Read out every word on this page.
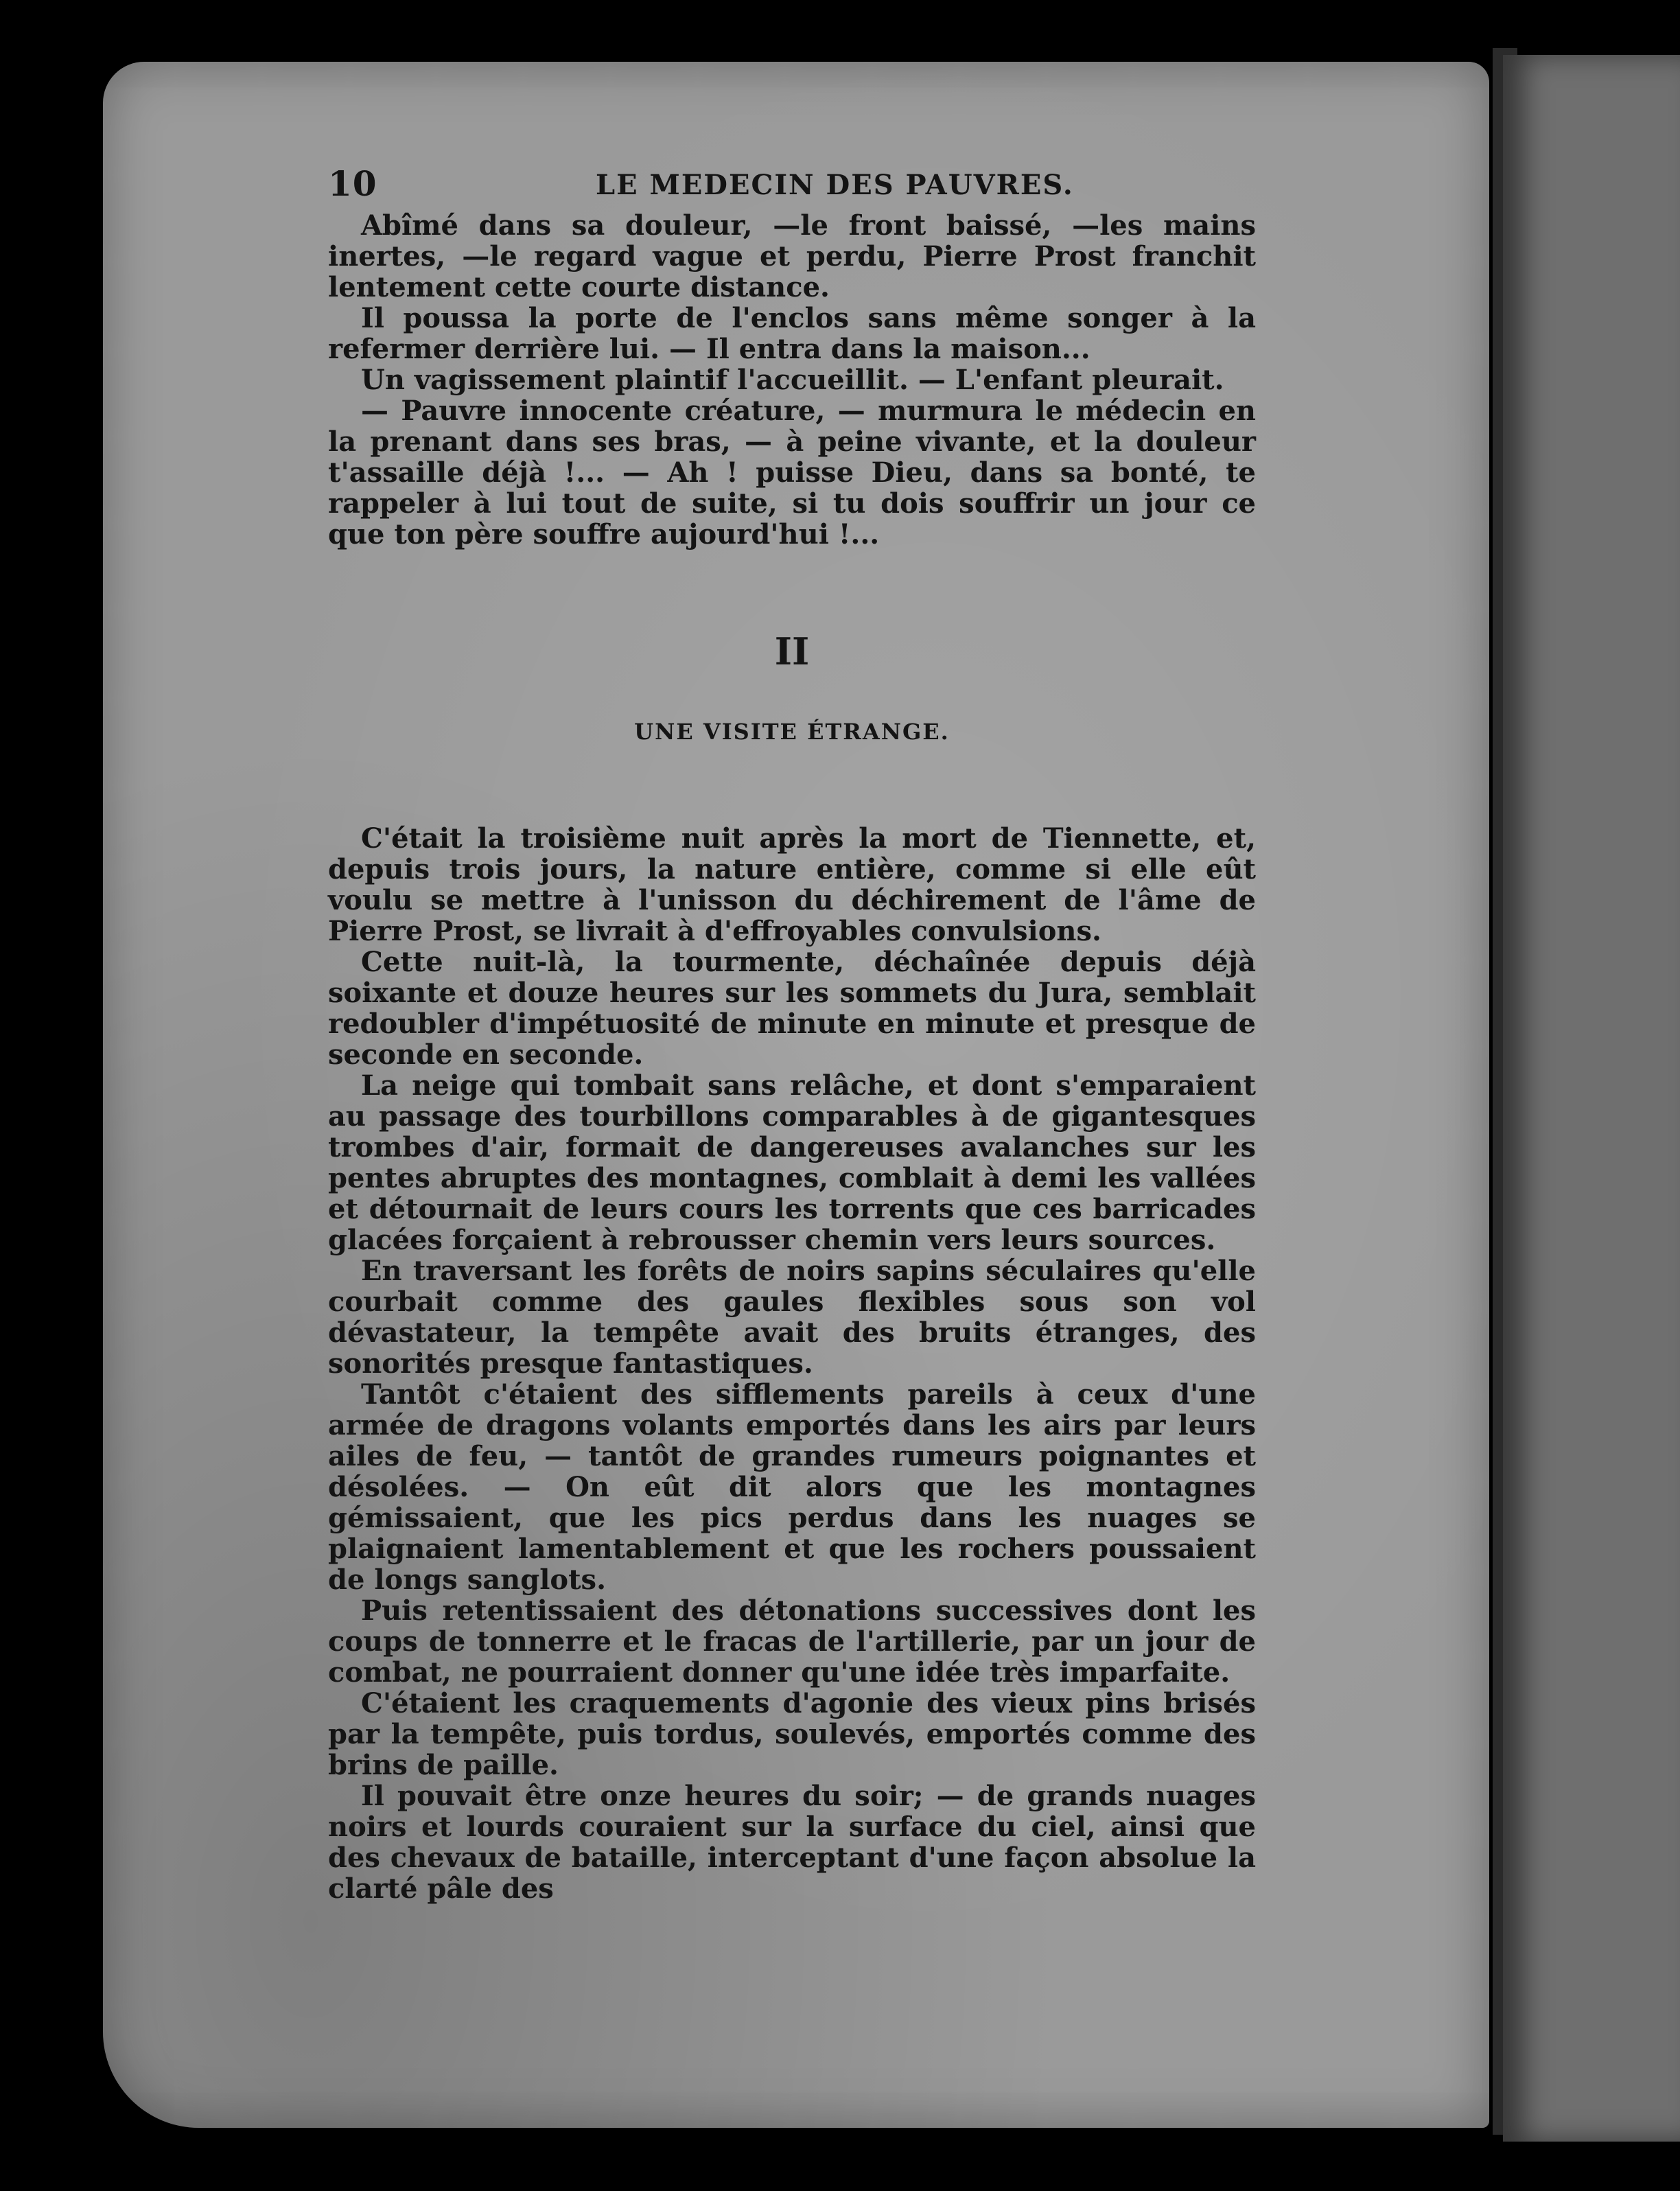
10	LE MEDECIN DES PAUVRES.

Abîmé dans sa douleur, —le front baissé, —les mains inertes, —le regard vague et perdu, Pierre Prost franchit lentement cette courte distance.

Il poussa la porte de l'enclos sans même songer à la refermer derrière lui. — Il entra dans la maison...

Un vagissement plaintif l'accueillit. — L'enfant pleurait.

— Pauvre innocente créature, — murmura le médecin en la prenant dans ses bras, — à peine vivante, et la douleur t'assaille déjà !... — Ah ! puisse Dieu, dans sa bonté, te rappeler à lui tout de suite, si tu dois souffrir un jour ce que ton père souffre aujourd'hui !...

II
UNE VISITE ÉTRANGE.

C'était la troisième nuit après la mort de Tiennette, et, depuis trois jours, la nature entière, comme si elle eût voulu se mettre à l'unisson du déchirement de l'âme de Pierre Prost, se livrait à d'effroyables convulsions.

Cette nuit-là, la tourmente, déchaînée depuis déjà soixante et douze heures sur les sommets du Jura, semblait redoubler d'impétuosité de minute en minute et presque de seconde en seconde.

La neige qui tombait sans relâche, et dont s'emparaient au passage des tourbillons comparables à de gigantesques trombes d'air, formait de dangereuses avalanches sur les pentes abruptes des montagnes, comblait à demi les vallées et détournait de leurs cours les torrents que ces barricades glacées forçaient à rebrousser chemin vers leurs sources.

En traversant les forêts de noirs sapins séculaires qu'elle courbait comme des gaules flexibles sous son vol dévastateur, la tempête avait des bruits étranges, des sonorités presque fantastiques.

Tantôt c'étaient des sifflements pareils à ceux d'une armée de dragons volants emportés dans les airs par leurs ailes de feu, — tantôt de grandes rumeurs poignantes et désolées. — On eût dit alors que les montagnes gémissaient, que les pics perdus dans les nuages se plaignaient lamentablement et que les rochers poussaient de longs sanglots.

Puis retentissaient des détonations successives dont les coups de tonnerre et le fracas de l'artillerie, par un jour de combat, ne pourraient donner qu'une idée très imparfaite.

C'étaient les craquements d'agonie des vieux pins brisés par la tempête, puis tordus, soulevés, emportés comme des brins de paille.

Il pouvait être onze heures du soir; — de grands nuages noirs et lourds couraient sur la surface du ciel, ainsi que des chevaux de bataille, interceptant d'une façon absolue la clarté pâle des
